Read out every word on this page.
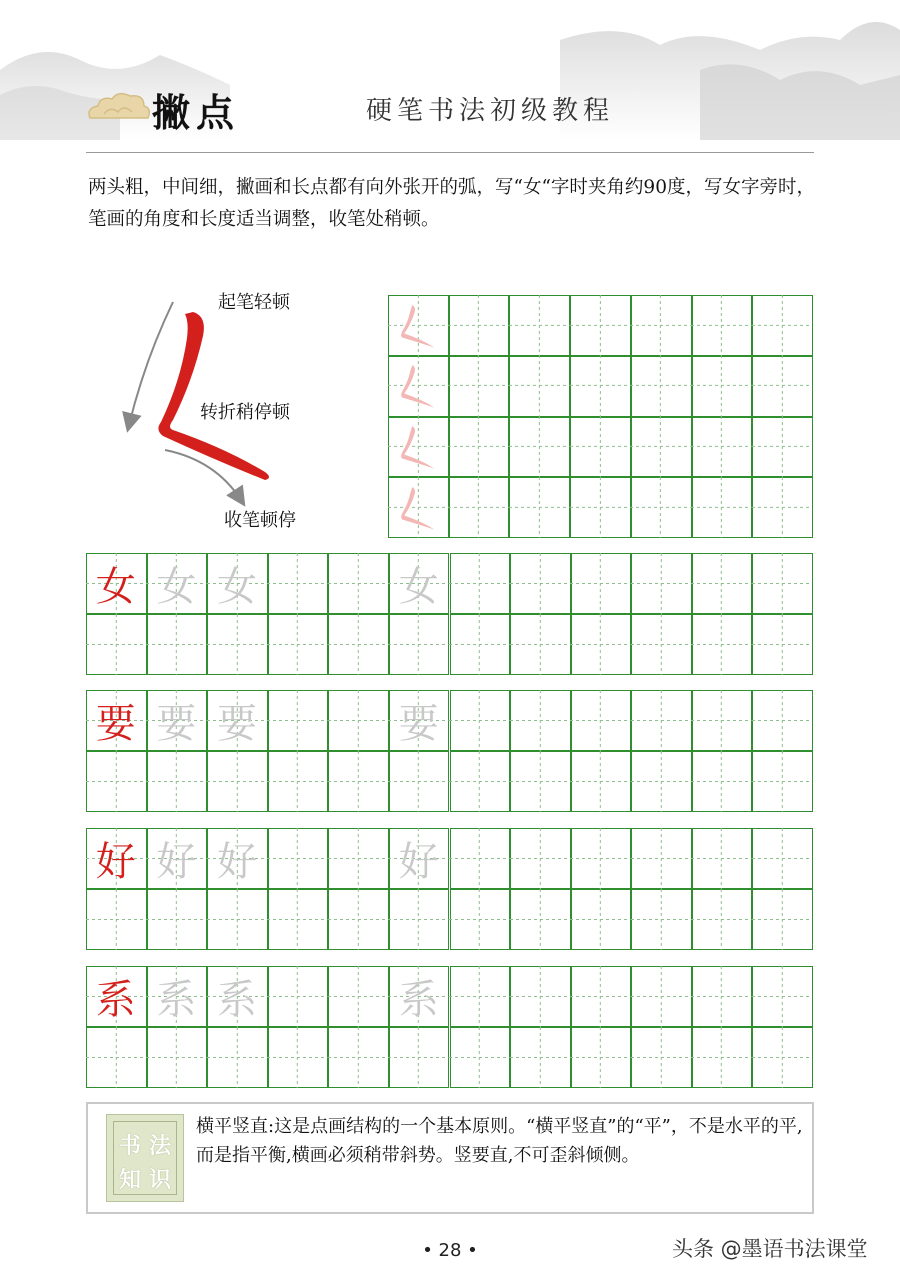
撇点	硬笔书法初级教程
两头粗，中间细，撇画和长点都有向外张开的弧，写“女“字时夹角约90度，写女字旁时，笔画的角度和长度适当调整，收笔处稍顿。
起笔轻顿
转折稍停顿
收笔顿停
女 女 女	女
要 要 要	要
好 好 好	好
系 系 系	系
书 法
知 识
横平竖直:这是点画结构的一个基本原则。“横平竖直”的“平”，不是水平的平,而是指平衡,横画必须稍带斜势。竖要直,不可歪斜倾侧。
• 28 •	头条 @墨语书法课堂
